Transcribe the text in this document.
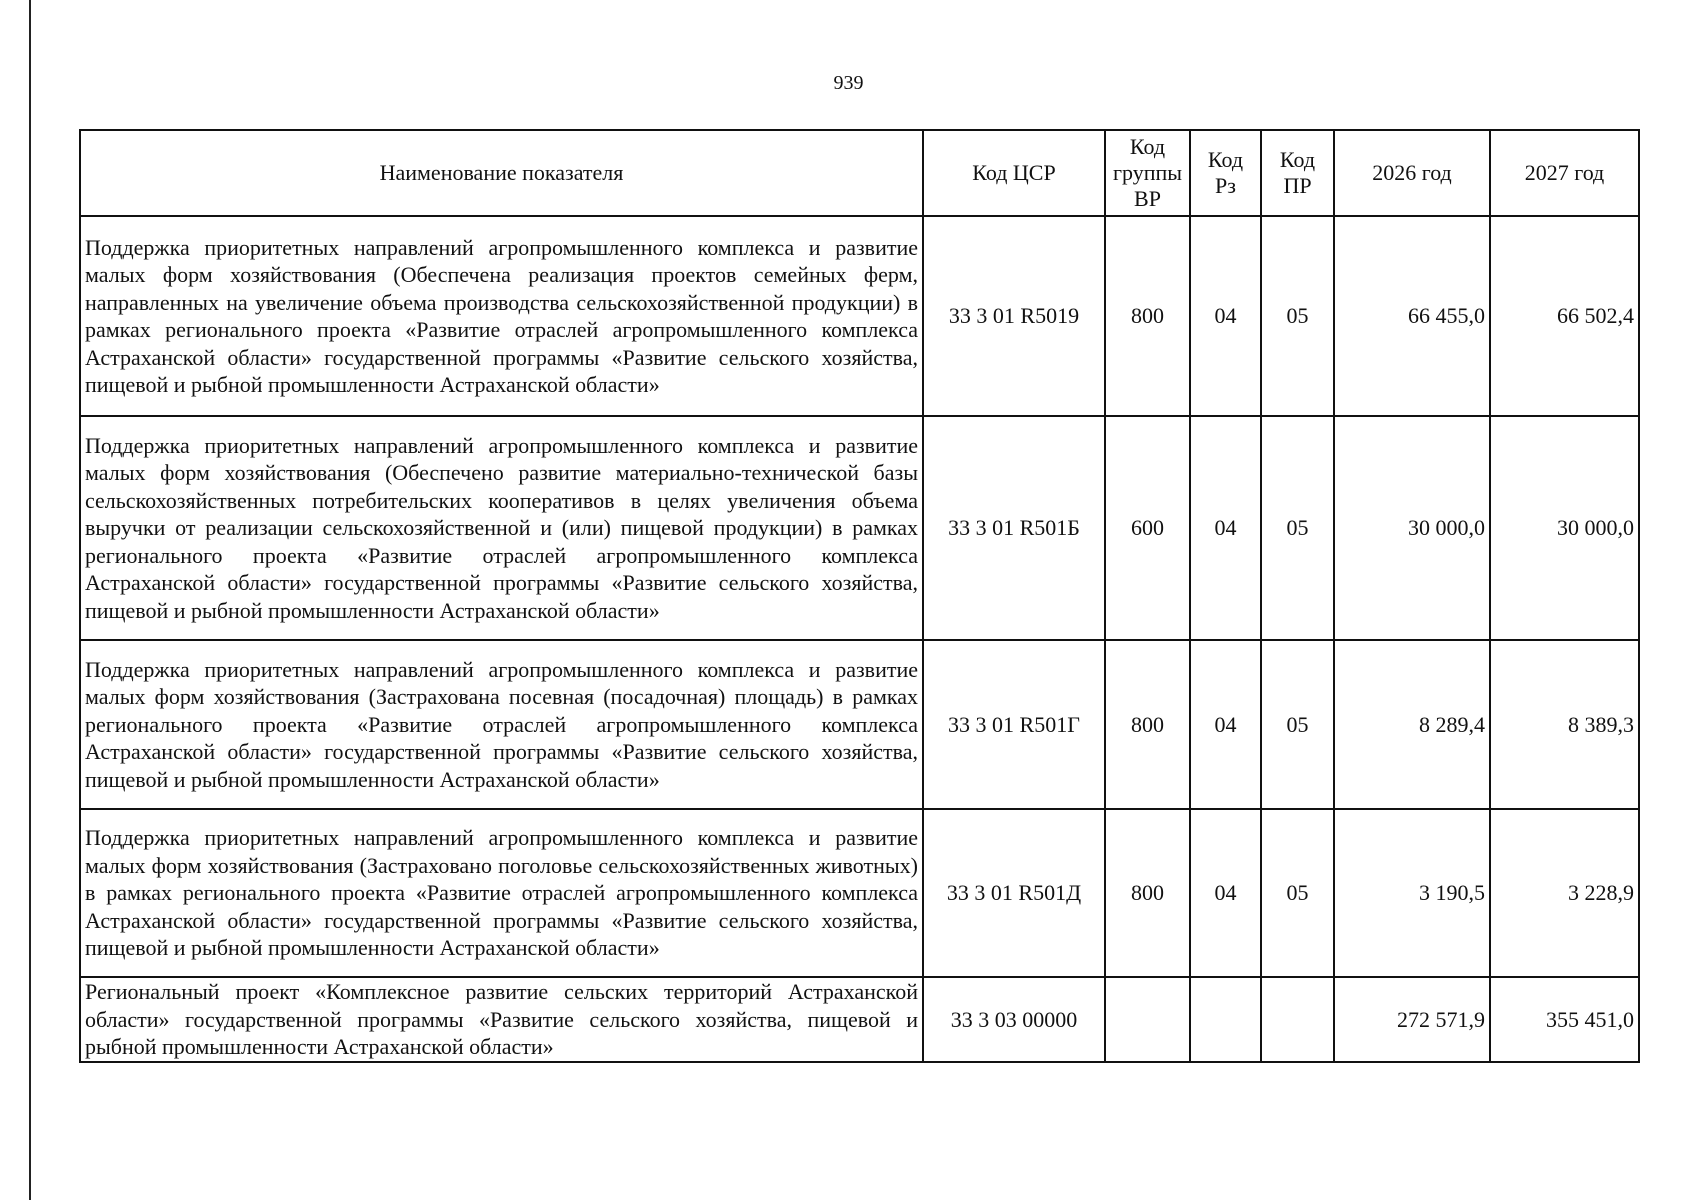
939
Наименование показателя	Код ЦСР	Код группы ВР	Код Рз	Код ПР	2026 год	2027 год
Поддержка приоритетных направлений агропромышленного комплекса и развитие малых форм хозяйствования (Обеспечена реализация проектов семейных ферм, направленных на увеличение объема производства сельскохозяйственной продукции) в рамках регионального проекта «Развитие отраслей агропромышленного комплекса Астраханской области» государственной программы «Развитие сельского хозяйства, пищевой и рыбной промышленности Астраханской области»	33 3 01 R5019	800	04	05	66 455,0	66 502,4
Поддержка приоритетных направлений агропромышленного комплекса и развитие малых форм хозяйствования (Обеспечено развитие материально-технической базы сельскохозяйственных потребительских кооперативов в целях увеличения объема выручки от реализации сельскохозяйственной и (или) пищевой продукции) в рамках регионального проекта «Развитие отраслей агропромышленного комплекса Астраханской области» государственной программы «Развитие сельского хозяйства, пищевой и рыбной промышленности Астраханской области»	33 3 01 R501Б	600	04	05	30 000,0	30 000,0
Поддержка приоритетных направлений агропромышленного комплекса и развитие малых форм хозяйствования (Застрахована посевная (посадочная) площадь) в рамках регионального проекта «Развитие отраслей агропромышленного комплекса Астраханской области» государственной программы «Развитие сельского хозяйства, пищевой и рыбной промышленности Астраханской области»	33 3 01 R501Г	800	04	05	8 289,4	8 389,3
Поддержка приоритетных направлений агропромышленного комплекса и развитие малых форм хозяйствования (Застраховано поголовье сельскохозяйственных животных) в рамках регионального проекта «Развитие отраслей агропромышленного комплекса Астраханской области» государственной программы «Развитие сельского хозяйства, пищевой и рыбной промышленности Астраханской области»	33 3 01 R501Д	800	04	05	3 190,5	3 228,9
Региональный проект «Комплексное развитие сельских территорий Астраханской области» государственной программы «Развитие сельского хозяйства, пищевой и рыбной промышленности Астраханской области»	33 3 03 00000				272 571,9	355 451,0
